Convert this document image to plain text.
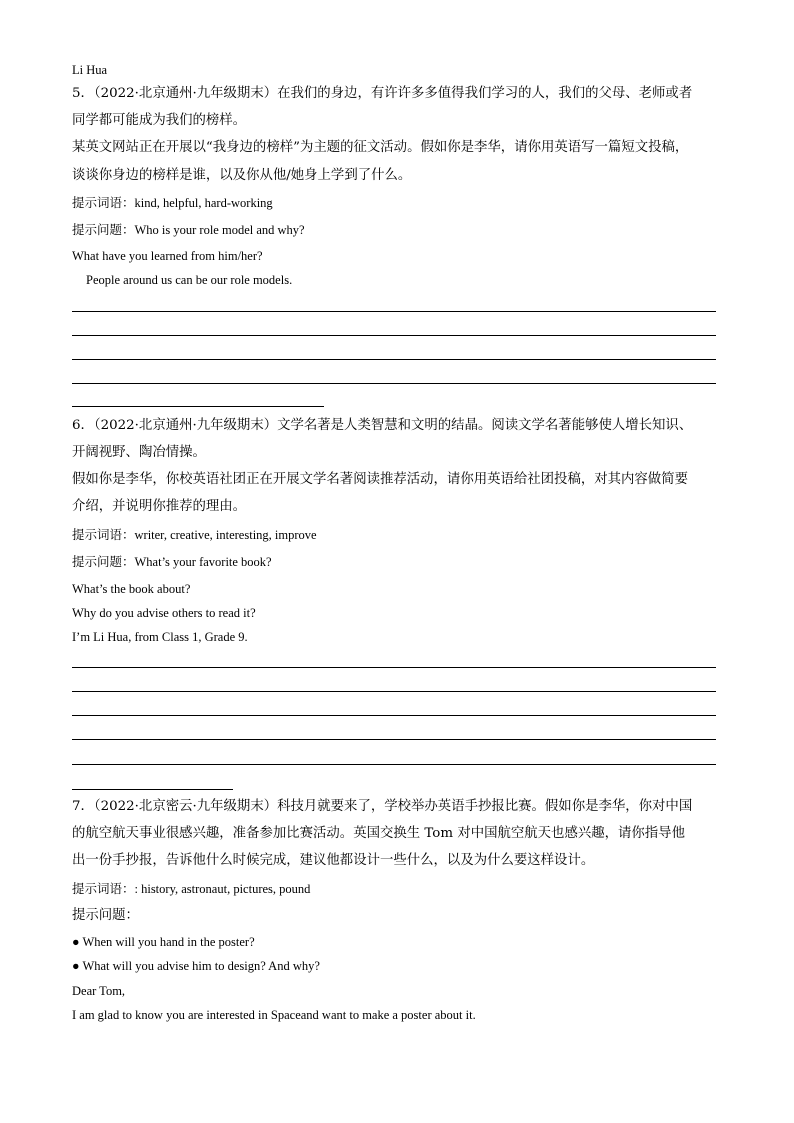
Li Hua
5．（2022·北京通州·九年级期末）在我们的身边，有许许多多值得我们学习的人，我们的父母、老师或者
同学都可能成为我们的榜样。
某英文网站正在开展以“我身边的榜样”为主题的征文活动。假如你是李华，请你用英语写一篇短文投稿，
谈谈你身边的榜样是谁，以及你从他/她身上学到了什么。
提示词语：kind, helpful, hard-working
提示问题：Who is your role model and why?
What have you learned from him/her?
People around us can be our role models.
6．（2022·北京通州·九年级期末）文学名著是人类智慧和文明的结晶。阅读文学名著能够使人增长知识、
开阔视野、陶冶情操。
假如你是李华，你校英语社团正在开展文学名著阅读推荐活动，请你用英语给社团投稿，对其内容做简要
介绍，并说明你推荐的理由。
提示词语：writer, creative, interesting, improve
提示问题：What’s your favorite book?
What’s the book about?
Why do you advise others to read it?
I’m Li Hua, from Class 1, Grade 9.
7．（2022·北京密云·九年级期末）科技月就要来了，学校举办英语手抄报比赛。假如你是李华，你对中国
的航空航天事业很感兴趣，准备参加比赛活动。英国交换生 Tom 对中国航空航天也感兴趣，请你指导他
出一份手抄报，告诉他什么时候完成，建议他都设计一些什么，以及为什么要这样设计。
提示词语：: history, astronaut, pictures, pound
提示问题：
● When will you hand in the poster?
● What will you advise him to design? And why?
Dear Tom,
I am glad to know you are interested in Spaceand want to make a poster about it.
